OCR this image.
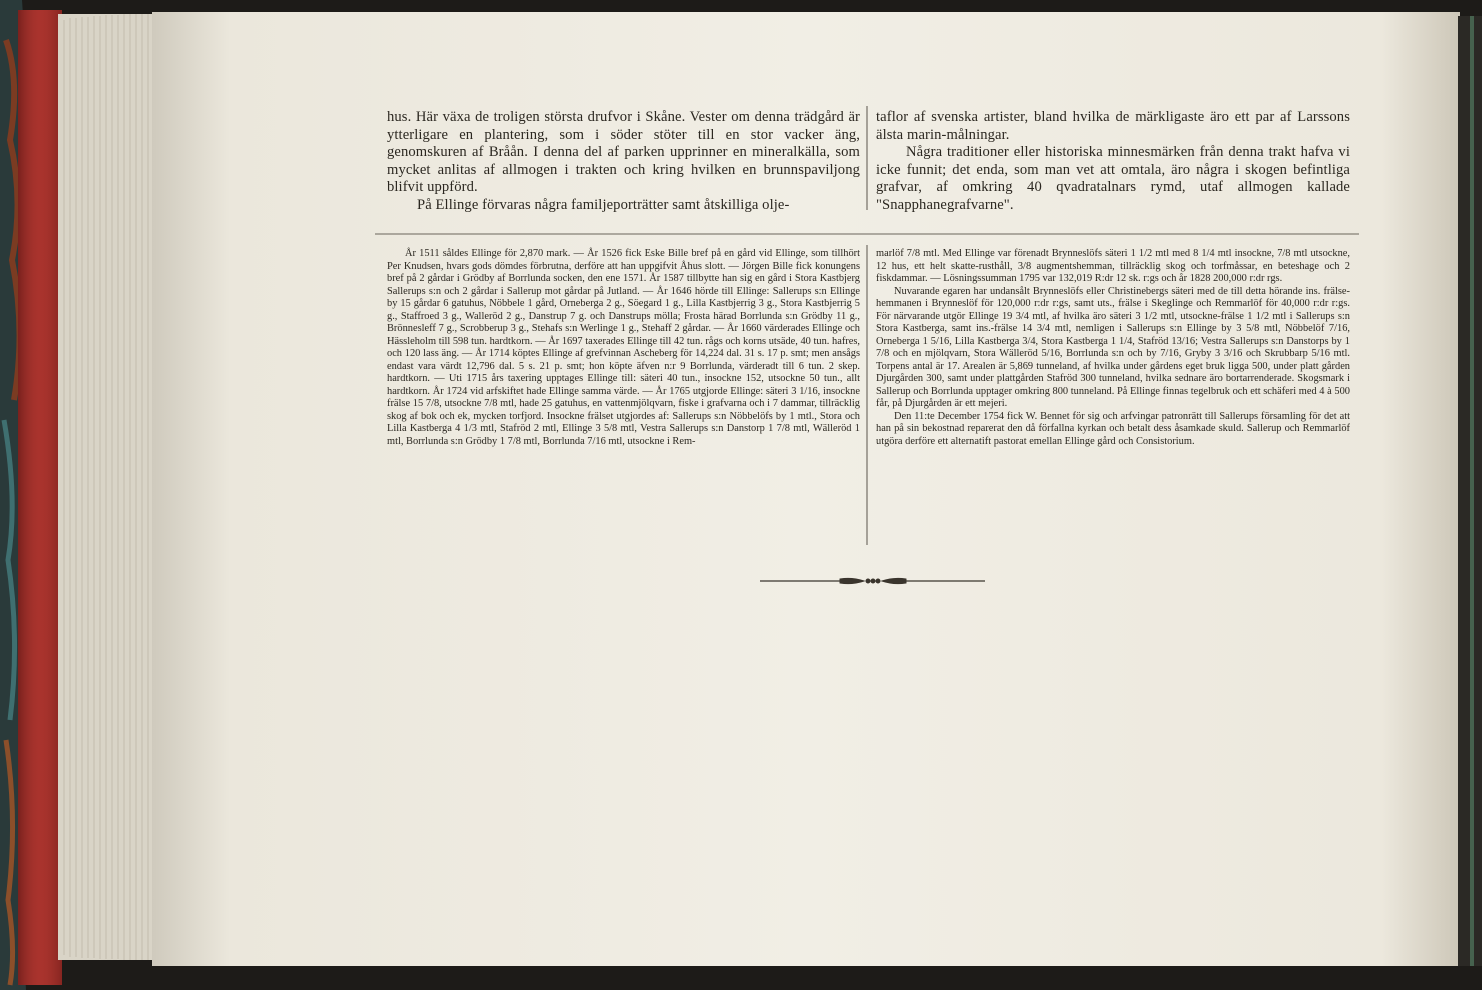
hus. Här växa de troligen största drufvor i Skåne. Vester om denna trädgård är ytterligare en plantering, som i söder stöter till en stor vacker äng, genomskuren af Bråån. I denna del af parken upprinner en mineralkälla, som mycket anlitas af allmogen i trakten och kring hvilken en brunnspaviljong blifvit uppförd.

På Ellinge förvaras några familjeporträtter samt åtskilliga olje-

taflor af svenska artister, bland hvilka de märkligaste äro ett par af Larssons älsta marin-målningar.

Några traditioner eller historiska minnesmärken från denna trakt hafva vi icke funnit; det enda, som man vet att omtala, äro några i skogen befintliga grafvar, af omkring 40 qvadratalnars rymd, utaf allmogen kallade "Snapphanegrafvarne".

År 1511 såldes Ellinge för 2,870 mark. — År 1526 fick Eske Bille bref på en gård vid Ellinge, som tillhört Per Knudsen, hvars gods dömdes förbrutna, derföre att han uppgifvit Åhus slott. — Jörgen Bille fick konungens bref på 2 gårdar i Grödby af Borrlunda socken, den ene 1571. År 1587 tillbytte han sig en gård i Stora Kastbjerg Sallerups s:n och 2 gårdar i Sallerup mot gårdar på Jutland. — År 1646 hörde till Ellinge: Sallerups s:n Ellinge by 15 gårdar 6 gatuhus, Nöbbele 1 gård, Orneberga 2 g., Söegard 1 g., Lilla Kastbjerrig 3 g., Stora Kastbjerrig 5 g., Staffroed 3 g., Walleröd 2 g., Danstrup 7 g. och Danstrups mölla; Frosta härad Borrlunda s:n Grödby 11 g., Brönnesleff 7 g., Scrobberup 3 g., Stehafs s:n Werlinge 1 g., Stehaff 2 gårdar. — År 1660 värderades Ellinge och Hässleholm till 598 tun. hardtkorn. — År 1697 taxerades Ellinge till 42 tun. rågs och korns utsäde, 40 tun. hafres, och 120 lass äng. — År 1714 köptes Ellinge af grefvinnan Ascheberg för 14,224 dal. 31 s. 17 p. smt; men ansågs endast vara värdt 12,796 dal. 5 s. 21 p. smt; hon köpte äfven n:r 9 Borrlunda, värderadt till 6 tun. 2 skep. hardtkorn. — Uti 1715 års taxering upptages Ellinge till: säteri 40 tun., insockne 152, utsockne 50 tun., allt hardtkorn. År 1724 vid arfskiftet hade Ellinge samma värde. — År 1765 utgjorde Ellinge: säteri 3 1/16, insockne frälse 15 7/8, utsockne 7/8 mtl, hade 25 gatuhus, en vattenmjölqvarn, fiske i grafvarna och i 7 dammar, tillräcklig skog af bok och ek, mycken torfjord. Insockne frälset utgjordes af: Sallerups s:n Nöbbelöfs by 1 mtl., Stora och Lilla Kastberga 4 1/3 mtl, Stafröd 2 mtl, Ellinge 3 5/8 mtl, Vestra Sallerups s:n Danstorp 1 7/8 mtl, Wälleröd 1 mtl, Borrlunda s:n Grödby 1 7/8 mtl, Borrlunda 7/16 mtl, utsockne i Rem-

marlöf 7/8 mtl. Med Ellinge var förenadt Brynneslöfs säteri 1 1/2 mtl med 8 1/4 mtl insockne, 7/8 mtl utsockne, 12 hus, ett helt skatte-rusthåll, 3/8 augmentshemman, tillräcklig skog och torfmåssar, en beteshage och 2 fiskdammar. — Lösningssumman 1795 var 132,019 R:dr 12 sk. r:gs och år 1828 200,000 r:dr rgs.

Nuvarande egaren har undansålt Brynneslöfs eller Christinebergs säteri med de till detta hörande ins. frälse-hemmanen i Brynneslöf för 120,000 r:dr r:gs, samt uts., frälse i Skeglinge och Remmarlöf för 40,000 r:dr r:gs. För närvarande utgör Ellinge 19 3/4 mtl, af hvilka äro säteri 3 1/2 mtl, utsockne-frälse 1 1/2 mtl i Sallerups s:n Stora Kastberga, samt ins.-frälse 14 3/4 mtl, nemligen i Sallerups s:n Ellinge by 3 5/8 mtl, Nöbbelöf 7/16, Orneberga 1 5/16, Lilla Kastberga 3/4, Stora Kastberga 1 1/4, Stafröd 13/16; Vestra Sallerups s:n Danstorps by 1 7/8 och en mjölqvarn, Stora Wälleröd 5/16, Borrlunda s:n och by 7/16, Gryby 3 3/16 och Skrubbarp 5/16 mtl. Torpens antal är 17. Arealen är 5,869 tunneland, af hvilka under gårdens eget bruk ligga 500, under platt gården Djurgården 300, samt under plattgården Stafröd 300 tunneland, hvilka sednare äro bortarrenderade. Skogsmark i Sallerup och Borrlunda upptager omkring 800 tunneland. På Ellinge finnas tegelbruk och ett schäferi med 4 à 500 får, på Djurgården är ett mejeri.

Den 11:te December 1754 fick W. Bennet för sig och arfvingar patronrätt till Sallerups församling för det att han på sin bekostnad reparerat den då förfallna kyrkan och betalt dess åsamkade skuld. Sallerup och Remmarlöf utgöra derföre ett alternatift pastorat emellan Ellinge gård och Consistorium.
